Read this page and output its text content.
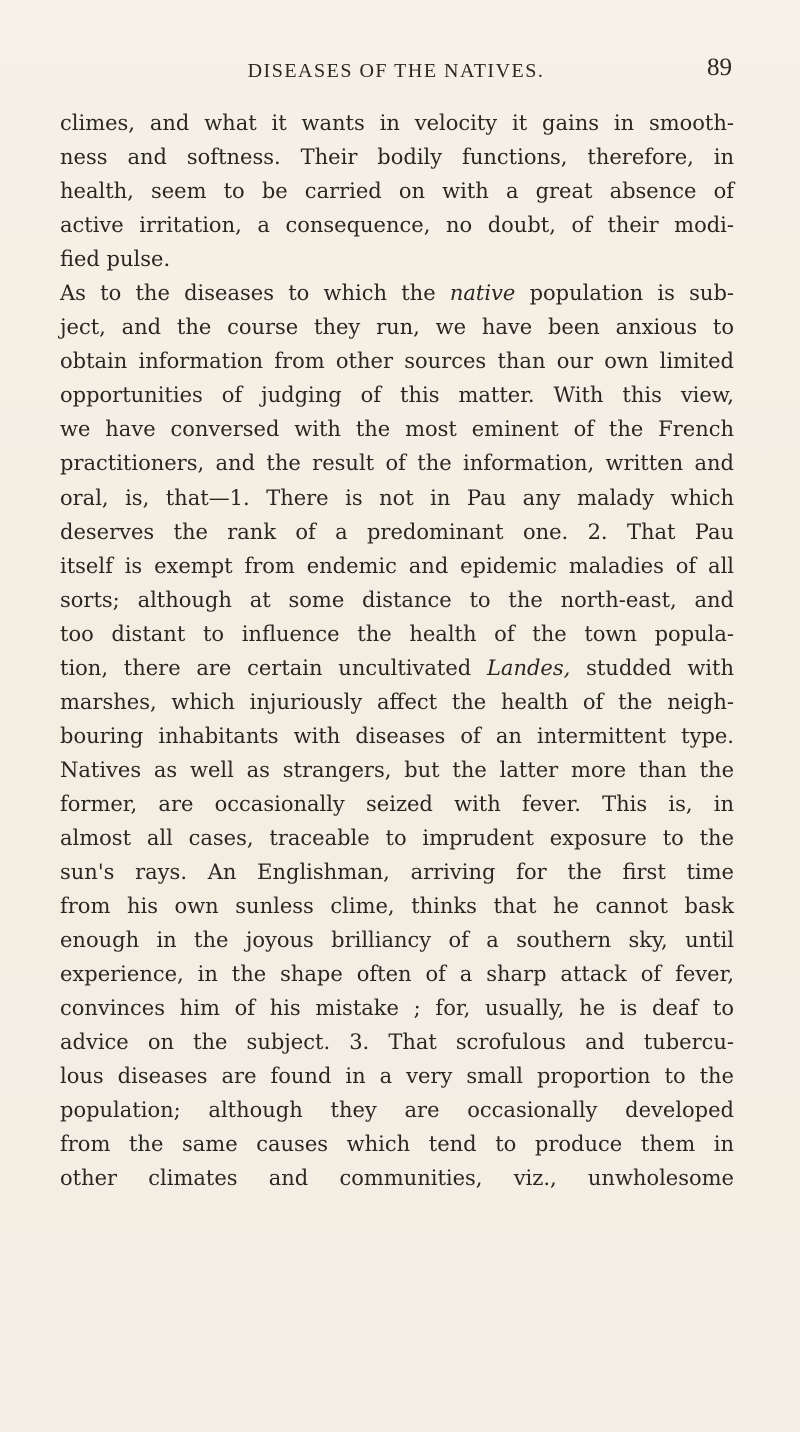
DISEASES OF THE NATIVES.	89
climes, and what it wants in velocity it gains in smooth-
ness and softness. Their bodily functions, therefore, in
health, seem to be carried on with a great absence of
active irritation, a consequence, no doubt, of their modi-
fied pulse.
As to the diseases to which the native population is sub-
ject, and the course they run, we have been anxious to
obtain information from other sources than our own limited
opportunities of judging of this matter. With this view,
we have conversed with the most eminent of the French
practitioners, and the result of the information, written and
oral, is, that—1. There is not in Pau any malady which
deserves the rank of a predominant one. 2. That Pau
itself is exempt from endemic and epidemic maladies of all
sorts; although at some distance to the north-east, and
too distant to influence the health of the town popula-
tion, there are certain uncultivated Landes, studded with
marshes, which injuriously affect the health of the neigh-
bouring inhabitants with diseases of an intermittent type.
Natives as well as strangers, but the latter more than the
former, are occasionally seized with fever. This is, in
almost all cases, traceable to imprudent exposure to the
sun's rays. An Englishman, arriving for the first time
from his own sunless clime, thinks that he cannot bask
enough in the joyous brilliancy of a southern sky, until
experience, in the shape often of a sharp attack of fever,
convinces him of his mistake ; for, usually, he is deaf to
advice on the subject. 3. That scrofulous and tubercu-
lous diseases are found in a very small proportion to the
population; although they are occasionally developed
from the same causes which tend to produce them in
other climates and communities, viz., unwholesome
